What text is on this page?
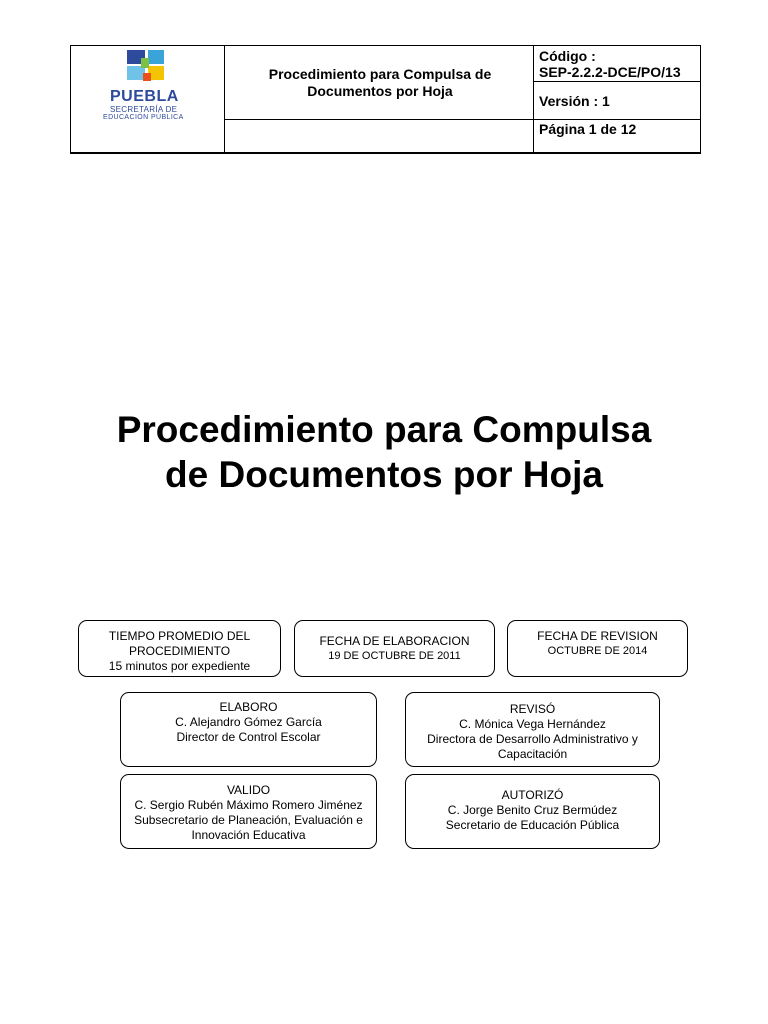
PUEBLA
SECRETARÍA DE
EDUCACIÓN PÚBLICA
Procedimiento para Compulsa de Documentos por Hoja
Código :
SEP-2.2.2-DCE/PO/13
Versión : 1
Página 1 de 12
Procedimiento para Compulsa
de Documentos por Hoja
TIEMPO PROMEDIO DEL
PROCEDIMIENTO
15 minutos por expediente
FECHA DE ELABORACION
19 DE OCTUBRE DE 2011
FECHA DE REVISION
OCTUBRE DE 2014
ELABORO
C. Alejandro Gómez García
Director de Control Escolar
REVISÓ
C. Mónica Vega Hernández
Directora de Desarrollo Administrativo y
Capacitación
VALIDO
C. Sergio Rubén Máximo Romero Jiménez
Subsecretario de Planeación, Evaluación e
Innovación Educativa
AUTORIZÓ
C. Jorge Benito Cruz Bermúdez
Secretario de Educación Pública
